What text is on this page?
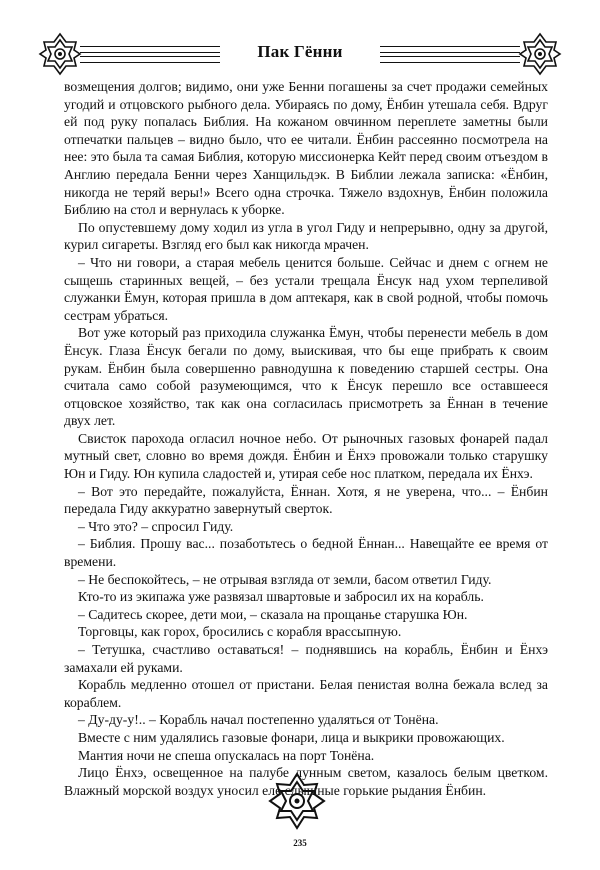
Пак Гённи

возмещения долгов; видимо, они уже Бенни погашены за счет продажи семейных угодий и отцовского рыбного дела. Убираясь по дому, Ёнбин утешала себя. Вдруг ей под руку попалась Библия. На кожаном овчинном переплете заметны были отпечатки пальцев – видно было, что ее читали. Ёнбин рассеянно посмотрела на нее: это была та самая Библия, которую миссионерка Кейт перед своим отъездом в Англию передала Бенни через Ханщильдэк. В Библии лежала записка: «Ёнбин, никогда не теряй веры!» Всего одна строчка. Тяжело вздохнув, Ёнбин положила Библию на стол и вернулась к уборке.

По опустевшему дому ходил из угла в угол Гиду и непрерывно, одну за другой, курил сигареты. Взгляд его был как никогда мрачен.

– Что ни говори, а старая мебель ценится больше. Сейчас и днем с огнем не сыщешь старинных вещей, – без устали трещала Ёнсук над ухом терпеливой служанки Ёмун, которая пришла в дом аптекаря, как в свой родной, чтобы помочь сестрам убраться.

Вот уже который раз приходила служанка Ёмун, чтобы перенести мебель в дом Ёнсук. Глаза Ёнсук бегали по дому, выискивая, что бы еще прибрать к своим рукам. Ёнбин была совершенно равнодушна к поведению старшей сестры. Она считала само собой разумеющимся, что к Ёнсук перешло все оставшееся отцовское хозяйство, так как она согласилась присмотреть за Ённан в течение двух лет.

Свисток парохода огласил ночное небо. От рыночных газовых фонарей падал мутный свет, словно во время дождя. Ёнбин и Ёнхэ провожали только старушку Юн и Гиду. Юн купила сладостей и, утирая себе нос платком, передала их Ёнхэ.

– Вот это передайте, пожалуйста, Ённан. Хотя, я не уверена, что... – Ёнбин передала Гиду аккуратно завернутый сверток.

– Что это? – спросил Гиду.

– Библия. Прошу вас... позаботьтесь о бедной Ённан... Навещайте ее время от времени.

– Не беспокойтесь, – не отрывая взгляда от земли, басом ответил Гиду.

Кто-то из экипажа уже развязал швартовые и забросил их на корабль.

– Садитесь скорее, дети мои, – сказала на прощанье старушка Юн.

Торговцы, как горох, бросились с корабля врассыпную.

– Тетушка, счастливо оставаться! – поднявшись на корабль, Ёнбин и Ёнхэ замахали ей руками.

Корабль медленно отошел от пристани. Белая пенистая волна бежала вслед за кораблем.

– Ду-ду-у!.. – Корабль начал постепенно удаляться от Тонёна.

Вместе с ним удалялись газовые фонари, лица и выкрики провожающих.

Мантия ночи не спеша опускалась на порт Тонёна.

Лицо Ёнхэ, освещенное на палубе лунным светом, казалось белым цветком. Влажный морской воздух уносил еле слышные горькие рыдания Ёнбин.

235
